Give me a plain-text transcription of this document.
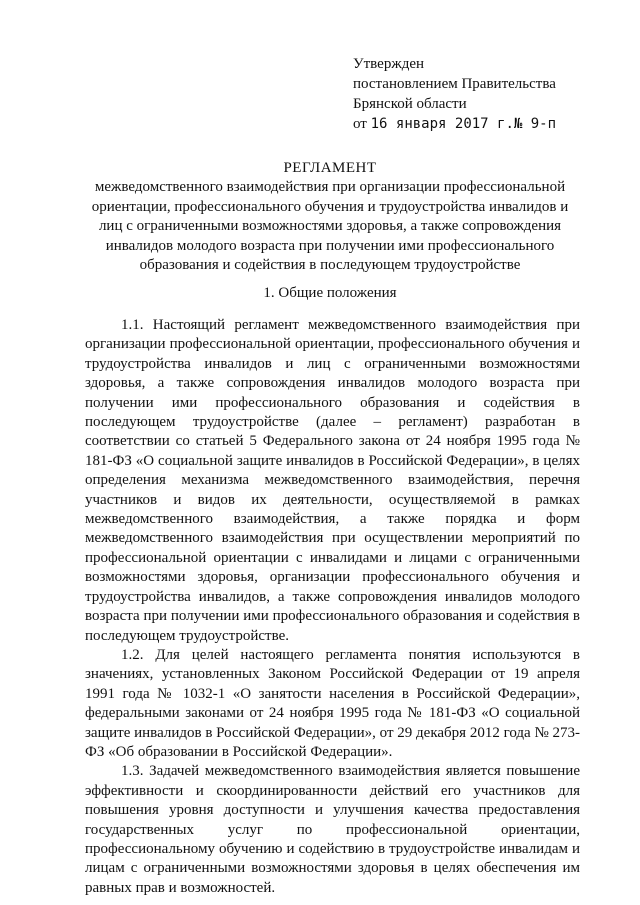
Утвержден
постановлением Правительства
Брянской области
от 16 января 2017 г.№ 9-п
РЕГЛАМЕНТ
межведомственного взаимодействия при организации профессиональной ориентации, профессионального обучения и трудоустройства инвалидов и лиц с ограниченными возможностями здоровья, а также сопровождения инвалидов молодого возраста при получении ими профессионального образования и содействия в последующем трудоустройстве
1. Общие положения

1.1. Настоящий регламент межведомственного взаимодействия при организации профессиональной ориентации, профессионального обучения и трудоустройства инвалидов и лиц с ограниченными возможностями здоровья, а также сопровождения инвалидов молодого возраста при получении ими профессионального образования и содействия в последующем трудоустройстве (далее – регламент) разработан в соответствии со статьей 5 Федерального закона от 24 ноября 1995 года № 181-ФЗ «О социальной защите инвалидов в Российской Федерации», в целях определения механизма межведомственного взаимодействия, перечня участников и видов их деятельности, осуществляемой в рамках межведомственного взаимодействия, а также порядка и форм межведомственного взаимодействия при осуществлении мероприятий по профессиональной ориентации с инвалидами и лицами с ограниченными возможностями здоровья, организации профессионального обучения и трудоустройства инвалидов, а также сопровождения инвалидов молодого возраста при получении ими профессионального образования и содействия в последующем трудоустройстве.

1.2. Для целей настоящего регламента понятия используются в значениях, установленных Законом Российской Федерации от 19 апреля 1991 года № 1032-1 «О занятости населения в Российской Федерации», федеральными законами от 24 ноября 1995 года № 181-ФЗ «О социальной защите инвалидов в Российской Федерации», от 29 декабря 2012 года № 273-ФЗ «Об образовании в Российской Федерации».

1.3. Задачей межведомственного взаимодействия является повышение эффективности и скоординированности действий его участников для повышения уровня доступности и улучшения качества предоставления государственных услуг по профессиональной ориентации, профессиональному обучению и содействию в трудоустройстве инвалидам и лицам с ограниченными возможностями здоровья в целях обеспечения им равных прав и возможностей.
